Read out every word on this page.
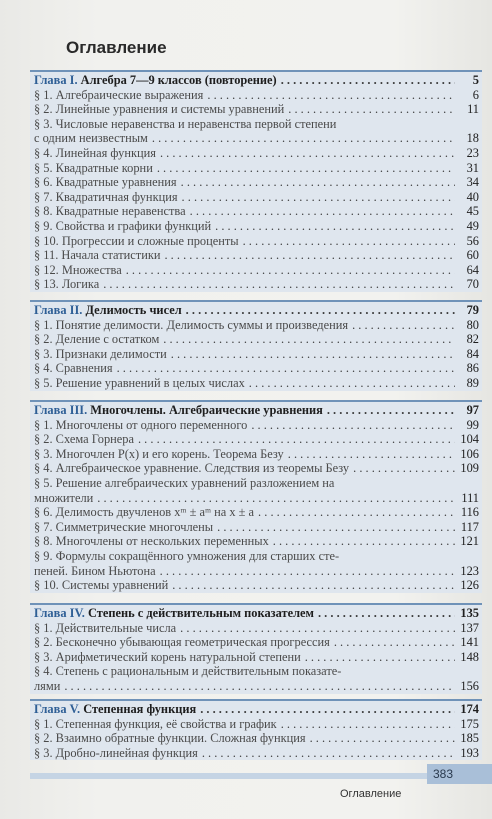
Оглавление
Глава I. Алгебра 7—9 классов (повторение) . . .	5
§ 1. Алгебраические выражения . . .	6
§ 2. Линейные уравнения и системы уравнений . . .	11
§ 3. Числовые неравенства и неравенства первой степени
с одним неизвестным . . .	18
§ 4. Линейная функция . . .	23
§ 5. Квадратные корни . . .	31
§ 6. Квадратные уравнения . . .	34
§ 7. Квадратичная функция . . .	40
§ 8. Квадратные неравенства . . .	45
§ 9. Свойства и графики функций . . .	49
§ 10. Прогрессии и сложные проценты . . .	56
§ 11. Начала статистики . . .	60
§ 12. Множества . . .	64
§ 13. Логика . . .	70
Глава II. Делимость чисел . . .	79
§ 1. Понятие делимости. Делимость суммы и произведения . . .	80
§ 2. Деление с остатком . . .	82
§ 3. Признаки делимости . . .	84
§ 4. Сравнения . . .	86
§ 5. Решение уравнений в целых числах . . .	89
Глава III. Многочлены. Алгебраические уравнения . . .	97
§ 1. Многочлены от одного переменного . . .	99
§ 2. Схема Горнера . . .	104
§ 3. Многочлен P(x) и его корень. Теорема Безу . . .	106
§ 4. Алгебраическое уравнение. Следствия из теоремы Безу . . .	109
§ 5. Решение алгебраических уравнений разложением на
множители . . .	111
§ 6. Делимость двучленов xᵐ ± aᵐ на x ± a . . .	116
§ 7. Симметрические многочлены . . .	117
§ 8. Многочлены от нескольких переменных . . .	121
§ 9. Формулы сокращённого умножения для старших сте-
пеней. Бином Ньютона . . .	123
§ 10. Системы уравнений . . .	126
Глава IV. Степень с действительным показателем . . .	135
§ 1. Действительные числа . . .	137
§ 2. Бесконечно убывающая геометрическая прогрессия . . .	141
§ 3. Арифметический корень натуральной степени . . .	148
§ 4. Степень с рациональным и действительным показате-
лями . . .	156
Глава V. Степенная функция . . .	174
§ 1. Степенная функция, её свойства и график . . .	175
§ 2. Взаимно обратные функции. Сложная функция . . .	185
§ 3. Дробно-линейная функция . . .	193
383
Оглавление
